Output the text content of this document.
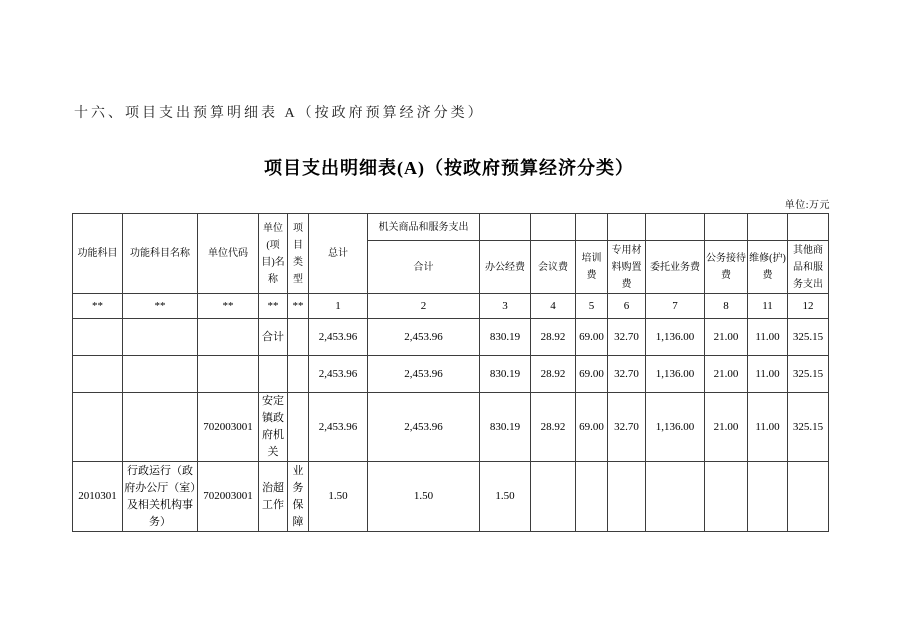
十六、项目支出预算明细表 A（按政府预算经济分类）
项目支出明细表(A)（按政府预算经济分类）
单位:万元
功能科目	功能科目名称	单位代码	单位(项目)名称	项目类型	总计	机关商品和服务支出								
						合计	办公经费	会议费	培训费	专用材料购置费	委托业务费	公务接待费	维修(护)费	其他商品和服务支出
**	**	**	**	**	1	2	3	4	5	6	7	8	11	12
			合计		2,453.96	2,453.96	830.19	28.92	69.00	32.70	1,136.00	21.00	11.00	325.15
					2,453.96	2,453.96	830.19	28.92	69.00	32.70	1,136.00	21.00	11.00	325.15
		702003001	安定镇政府机关		2,453.96	2,453.96	830.19	28.92	69.00	32.70	1,136.00	21.00	11.00	325.15
2010301	行政运行（政府办公厅（室）及相关机构事务）	702003001	治超工作	业务保障	1.50	1.50	1.50							
